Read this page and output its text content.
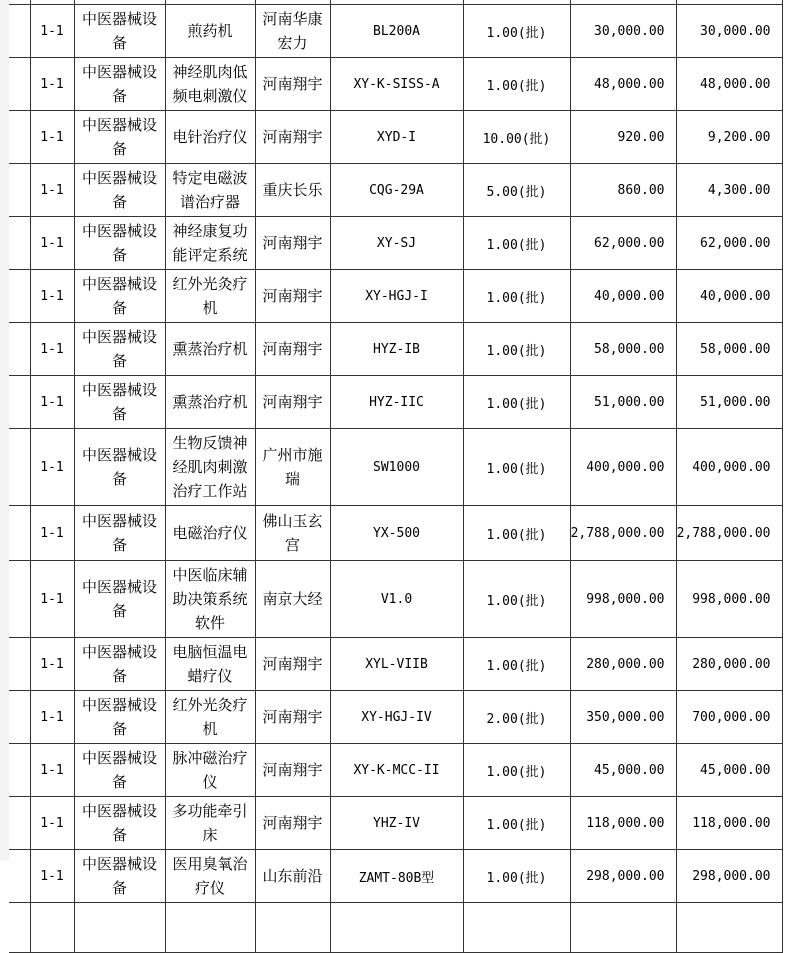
	1-1	中医器械设备	煎药机	河南华康宏力	BL200A	1.00(批)	30,000.00	30,000.00
	1-1	中医器械设备	神经肌肉低频电刺激仪	河南翔宇	XY-K-SISS-A	1.00(批)	48,000.00	48,000.00
	1-1	中医器械设备	电针治疗仪	河南翔宇	XYD-I	10.00(批)	920.00	9,200.00
	1-1	中医器械设备	特定电磁波谱治疗器	重庆长乐	CQG-29A	5.00(批)	860.00	4,300.00
	1-1	中医器械设备	神经康复功能评定系统	河南翔宇	XY-SJ	1.00(批)	62,000.00	62,000.00
	1-1	中医器械设备	红外光灸疗机	河南翔宇	XY-HGJ-I	1.00(批)	40,000.00	40,000.00
	1-1	中医器械设备	熏蒸治疗机	河南翔宇	HYZ-IB	1.00(批)	58,000.00	58,000.00
	1-1	中医器械设备	熏蒸治疗机	河南翔宇	HYZ-IIC	1.00(批)	51,000.00	51,000.00
	1-1	中医器械设备	生物反馈神经肌肉刺激治疗工作站	广州市施瑞	SW1000	1.00(批)	400,000.00	400,000.00
	1-1	中医器械设备	电磁治疗仪	佛山玉玄宫	YX-500	1.00(批)	2,788,000.00	2,788,000.00
	1-1	中医器械设备	中医临床辅助决策系统软件	南京大经	V1.0	1.00(批)	998,000.00	998,000.00
	1-1	中医器械设备	电脑恒温电蜡疗仪	河南翔宇	XYL-VIIB	1.00(批)	280,000.00	280,000.00
	1-1	中医器械设备	红外光灸疗机	河南翔宇	XY-HGJ-IV	2.00(批)	350,000.00	700,000.00
	1-1	中医器械设备	脉冲磁治疗仪	河南翔宇	XY-K-MCC-II	1.00(批)	45,000.00	45,000.00
	1-1	中医器械设备	多功能牵引床	河南翔宇	YHZ-IV	1.00(批)	118,000.00	118,000.00
	1-1	中医器械设备	医用臭氧治疗仪	山东前沿	ZAMT-80B型	1.00(批)	298,000.00	298,000.00
